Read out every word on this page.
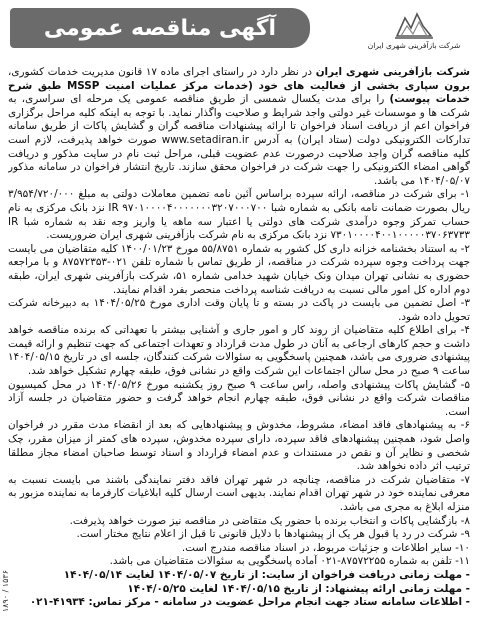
شرکت بازآفرینی شهری ایران
آگهی مناقصه عمومی

شرکت بازآفرینی شهری ایران در نظر دارد در راستای اجرای ماده ۱۷ قانون مدیریت خدمات کشوری، برون سپاری بخشی از فعالیت های خود (خدمات مرکز عملیات امنیت MSSP طبق شرح خدمات پیوست) را برای مدت یکسال شمسی از طریق مناقصه عمومی یک مرحله ای سراسری، به شرکت ها و موسسات غیر دولتی واجد شرایط و صلاحیت واگذار نماید. با توجه به اینکه کلیه مراحل برگزاری فراخوان اعم از دریافت اسناد فراخوان تا ارائه پیشنهادات مناقصه گران و گشایش پاکات از طریق سامانه تدارکات الکترونیکی دولت (ستاد ایران) به آدرس www.setadiran.ir صورت خواهد پذیرفت، لازم است کلیه مناقصه گران واجد صلاحیت درصورت عدم عضویت قبلی، مراحل ثبت نام در سایت مذکور و دریافت گواهی امضاء الکترونیکی را جهت شرکت در فراخوان محقق سازند. تاریخ انتشار فراخوان در سامانه مذکور ۱۴۰۴/۰۵/۰۷ می باشد.

۱- برای شرکت در مناقصه، ارائه سپرده براساس آئین نامه تضمین معاملات دولتی به مبلغ ۳/۹۵۴/۷۲۰/۰۰۰ ریال بصورت ضمانت نامه بانکی به شماره شبا IR ۹۷۰۱۰۰۰۰۴۰۰۰۰۰۰۰۳۲۰۷۰۰۰۷۰۰ نزد بانک مرکزی به نام حساب تمرکز وجوه درآمدی شرکت های دولتی یا اعتبار سه ماهه یا واریز وجه نقد به شماره شبا IR ۷۳۰۱۰۰۰۰۴۰۰۱۰۰۰۰۰۳۷۰۶۳۷۳۳ نزد بانک مرکزی به نام شرکت بازآفرینی شهری ایران ضروریست.

۲- به استناد بخشنامه خزانه داری کل کشور به شماره ۵۵/۸۷۵۱ مورخ ۱۴۰۰/۰۱/۲۳ کلیه متقاضیان می بایست جهت پرداخت وجوه سپرده شرکت در مناقصه، از طریق تماس با شماره تلفن ۰۲۱-۸۷۵۷۲۳۵۳ و با مراجعه حضوری به نشانی تهران میدان ونک خیابان شهید خدامی شماره ۵۱، شرکت بازآفرینی شهری ایران، طبقه دوم اداره کل امور مالی نسبت به دریافت شناسه پرداخت منحصر بفرد اقدام نمایند.

۳- اصل تضمین می بایست در پاکت در بسته و تا پایان وقت اداری مورخ ۱۴۰۴/۰۵/۲۵ به دبیرخانه شرکت تحویل داده شود.

۴- برای اطلاع کلیه متقاضیان از روند کار و امور جاری و آشنایی بیشتر با تعهداتی که برنده مناقصه خواهد داشت و حجم کارهای ارجاعی به آنان در طول مدت قرارداد و تعهدات اجتماعی که جهت تنظیم و ارائه قیمت پیشنهادی ضروری می باشد، همچنین پاسخگویی به سئوالات شرکت کنندگان، جلسه ای در تاریخ ۱۴۰۴/۰۵/۱۵ ساعت ۹ صبح در محل سالن اجتماعات این شرکت واقع در نشانی فوق، طبقه چهارم تشکیل خواهد شد.

۵- گشایش پاکات پیشنهادی واصله، راس ساعت ۹ صبح روز یکشنبه مورخ ۱۴۰۴/۰۵/۲۶ در محل کمیسیون مناقصات شرکت واقع در نشانی فوق، طبقه چهارم انجام خواهد گرفت و حضور متقاضیان در جلسه آزاد است.

۶- به پیشنهادهای فاقد امضاء، مشروط، مخدوش و پیشنهادهایی که بعد از انقضاء مدت مقرر در فراخوان واصل شود، همچنین پیشنهادهای فاقد سپرده، دارای سپرده مخدوش، سپرده های کمتر از میزان مقرر، چک شخصی و نظایر آن و نقص در مستندات و عدم امضاء قرارداد و اسناد توسط صاحبان امضاء مجاز مطلقا ترتیب اثر داده نخواهد شد.

۷- متقاضیان شرکت در مناقصه، چنانچه در شهر تهران فاقد دفتر نمایندگی باشند می بایست نسبت به معرفی نماینده خود در شهر تهران اقدام نمایند. بدیهی است ارسال کلیه ابلاغیات کارفرما به نماینده مزبور به منزله ابلاغ به مجری می باشد.

۸- بازگشایی پاکات و انتخاب برنده با حضور یک متقاضی در مناقصه نیز صورت خواهد پذیرفت.

۹- شرکت در رد یا قبول هر یک از پیشنهادها با دلایل قانونی تا قبل از اعلام نتایج مختار است.

۱۰- سایر اطلاعات و جزئیات مربوط، در اسناد مناقصه مندرج است.

۱۱- تلفن به شماره ۸۷۵۷۲۲۵۵-۰۲۱ آماده پاسخگویی به سئوالات متقاضیان می باشد.

- مهلت زمانی دریافت فراخوان از سایت: از تاریخ ۱۴۰۴/۰۵/۰۷ لغایت ۱۴۰۴/۰۵/۱۴

- مهلت زمانی ارائه پیشنهاد: از تاریخ ۱۴۰۴/۰۵/۱۵ لغایت ۱۴۰۴/۰۵/۲۵

- اطلاعات سامانه ستاد جهت انجام مراحل عضویت در سامانه - مرکز تماس: ۴۱۹۳۴-۰۲۱

۱۵۳۶ / ۱۸۹۰
